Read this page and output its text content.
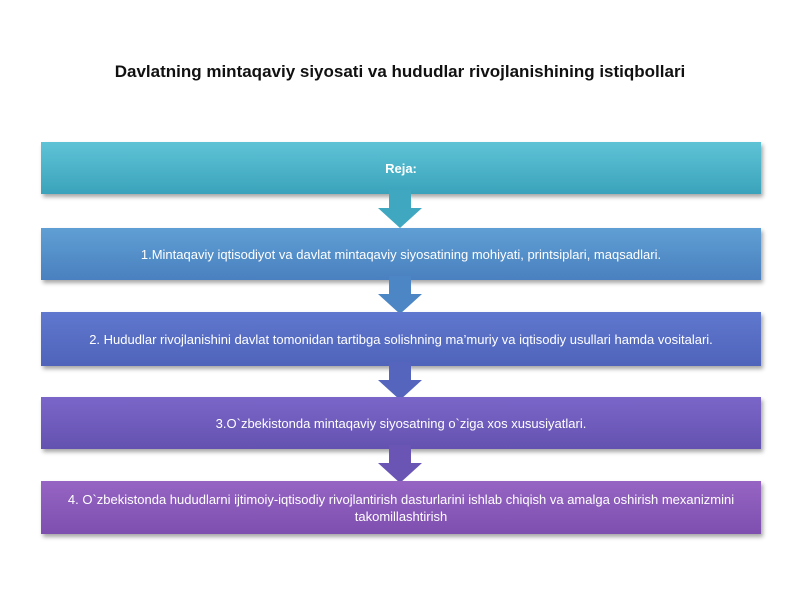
Davlatning mintaqaviy siyosati va hududlar rivojlanishining istiqbollari
Reja:
1.Mintaqaviy iqtisodiyot va davlat mintaqaviy siyosatining mohiyati, printsiplari, maqsadlari.
2. Hududlar rivojlanishini davlat tomonidan tartibga solishning ma’muriy va iqtisodiy usullari hamda vositalari.
3.O`zbekistonda mintaqaviy siyosatning o`ziga xos xususiyatlari.
4. O`zbekistonda hududlarni ijtimoiy-iqtisodiy rivojlantirish dasturlarini ishlab chiqish va amalga oshirish mexanizmini takomillashtirish
